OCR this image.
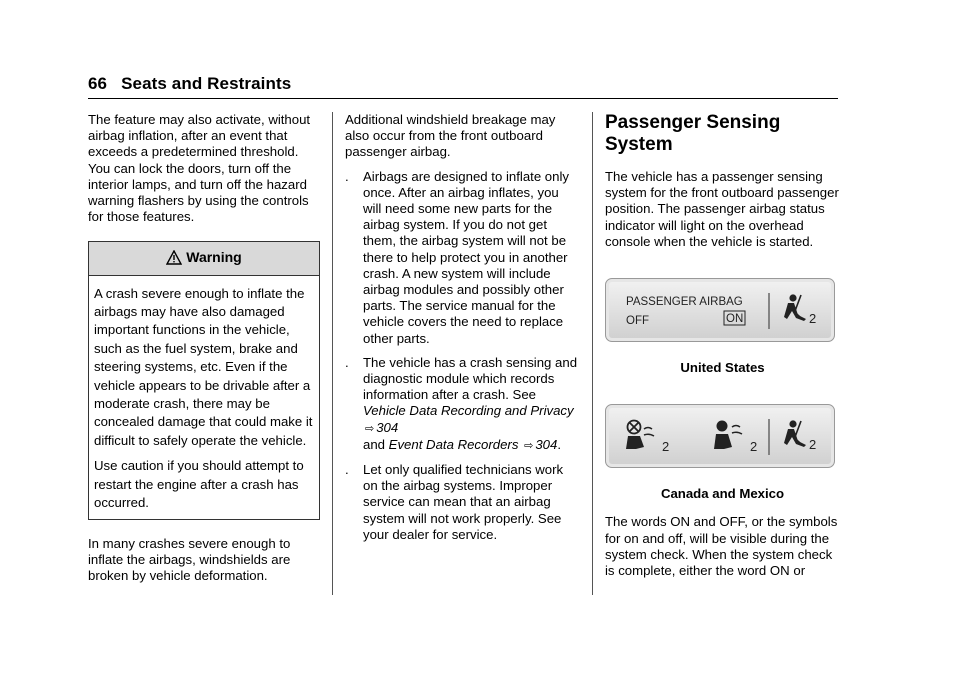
66 Seats and Restraints

The feature may also activate, without airbag inflation, after an event that exceeds a predetermined threshold. You can lock the doors, turn off the interior lamps, and turn off the hazard warning flashers by using the controls for those features.

Warning

A crash severe enough to inflate the airbags may have also damaged important functions in the vehicle, such as the fuel system, brake and steering systems, etc. Even if the vehicle appears to be drivable after a moderate crash, there may be concealed damage that could make it difficult to safely operate the vehicle.

Use caution if you should attempt to restart the engine after a crash has occurred.

In many crashes severe enough to inflate the airbags, windshields are broken by vehicle deformation.

Additional windshield breakage may also occur from the front outboard passenger airbag.

.	Airbags are designed to inflate only once. After an airbag inflates, you will need some new parts for the airbag system. If you do not get them, the airbag system will not be there to help protect you in another crash. A new system will include airbag modules and possibly other parts. The service manual for the vehicle covers the need to replace other parts.
.	The vehicle has a crash sensing and diagnostic module which records information after a crash. See Vehicle Data Recording and Privacy ⇨ 304
and Event Data Recorders ⇨ 304.
.	Let only qualified technicians work on the airbag systems. Improper service can mean that an airbag system will not work properly. See your dealer for service.
Passenger Sensing System

The vehicle has a passenger sensing system for the front outboard passenger position. The passenger airbag status indicator will light on the overhead console when the vehicle is started.

PASSENGER AIRBAG
OFF	ON	2

United States

2	2	2

Canada and Mexico

The words ON and OFF, or the symbols for on and off, will be visible during the system check. When the system check is complete, either the word ON or
